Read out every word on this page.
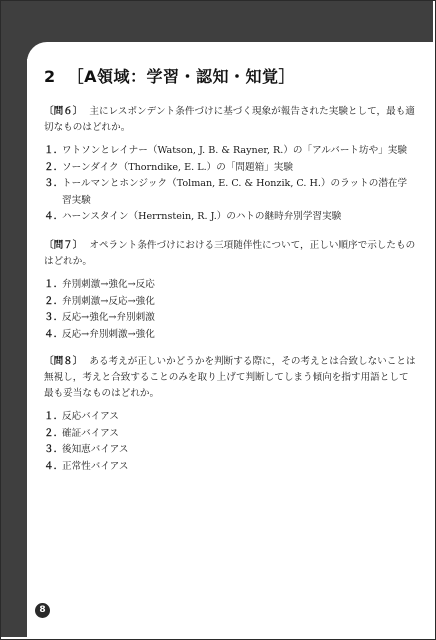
2 ［A領域：学習・認知・知覚］
〔問６〕 主にレスポンデント条件づけに基づく現象が報告された実験として，最も適切なものはどれか。
１．
ワトソンとレイナー（Watson, J. B. & Rayner, R.）の「アルバート坊や」実験
２．
ソーンダイク（Thorndike, E. L.）の「問題箱」実験
３．
トールマンとホンジック（Tolman, E. C. & Honzik, C. H.）のラットの潜在学習実験
４．
ハーンスタイン（Herrnstein, R. J.）のハトの継時弁別学習実験
〔問７〕 オペラント条件づけにおける三項随伴性について，正しい順序で示したものはどれか。
１．
弁別刺激→強化→反応
２．
弁別刺激→反応→強化
３．
反応→強化→弁別刺激
４．
反応→弁別刺激→強化
〔問８〕 ある考えが正しいかどうかを判断する際に，その考えとは合致しないことは無視し，考えと合致することのみを取り上げて判断してしまう傾向を指す用語として最も妥当なものはどれか。
１．
反応バイアス
２．
確証バイアス
３．
後知恵バイアス
４．
正常性バイアス
8
